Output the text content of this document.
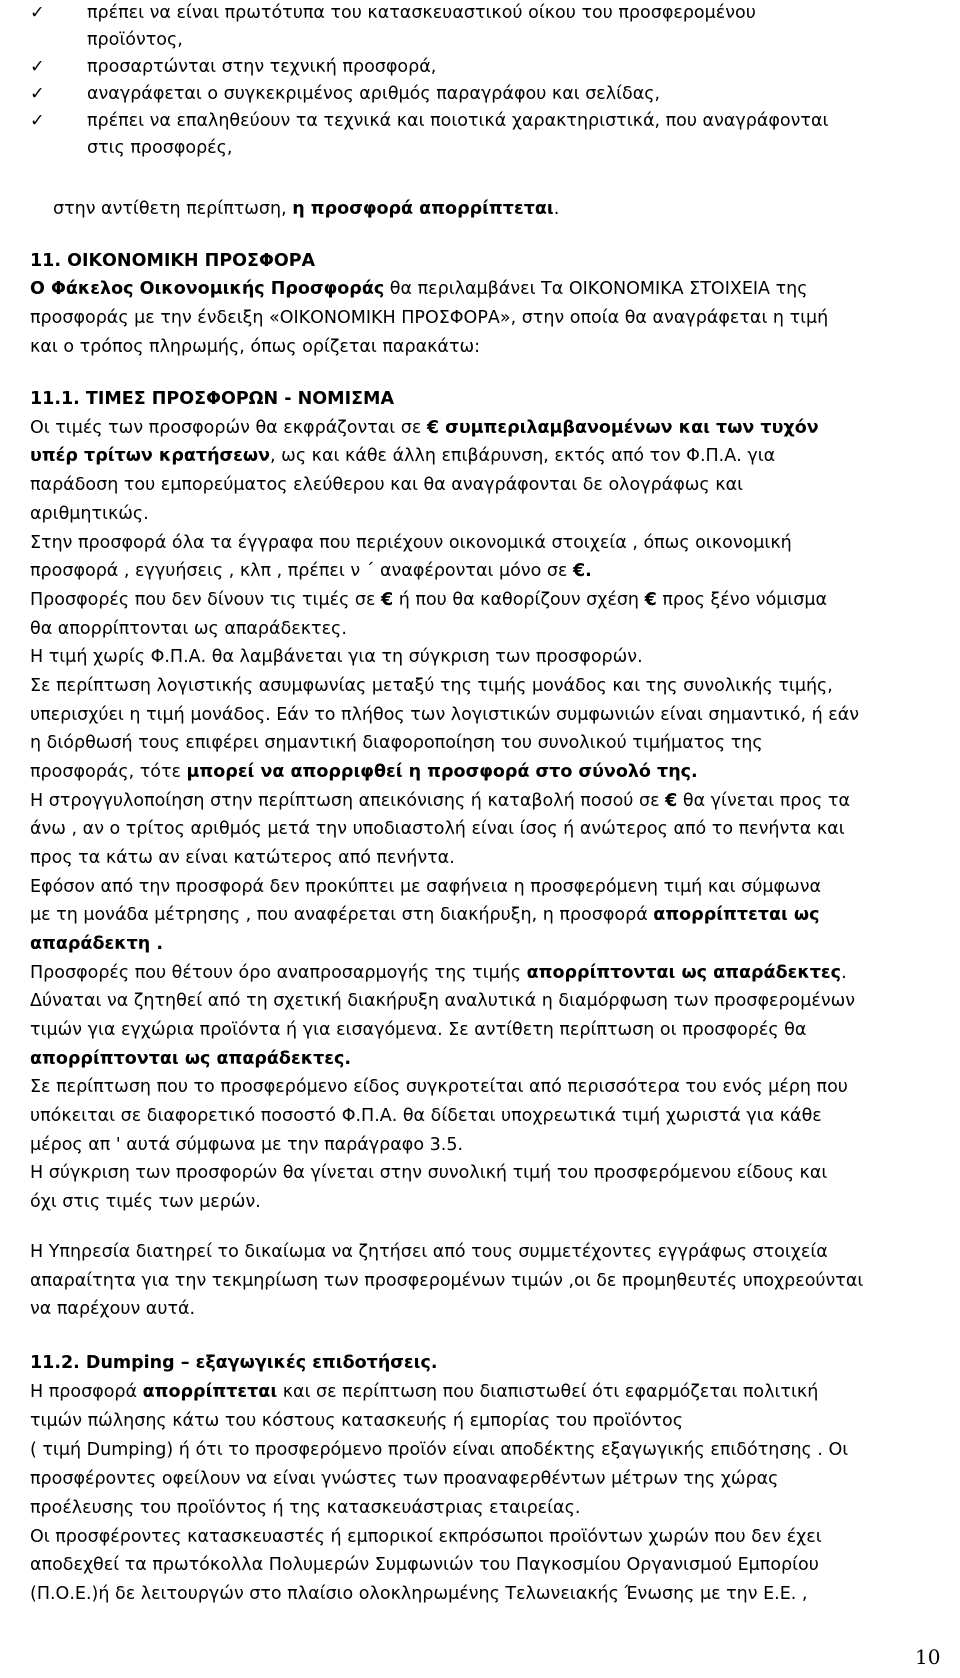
✓ πρέπει να είναι πρωτότυπα του κατασκευαστικού οίκου του προσφερομένου
προϊόντος,
✓ προσαρτώνται στην τεχνική προσφορά,
✓ αναγράφεται ο συγκεκριμένος αριθμός παραγράφου και σελίδας,
✓ πρέπει να επαληθεύουν τα τεχνικά και ποιοτικά χαρακτηριστικά, που αναγράφονται
στις προσφορές,
στην αντίθετη περίπτωση, η προσφορά απορρίπτεται.
11. ΟΙΚΟΝΟΜΙΚΗ ΠΡΟΣΦΟΡΑ
Ο Φάκελος Οικονομικής Προσφοράς θα περιλαμβάνει Τα ΟΙΚΟΝΟΜΙΚΑ ΣΤΟΙΧΕΙΑ της
προσφοράς με την ένδειξη «ΟΙΚΟΝΟΜΙΚΗ ΠΡΟΣΦΟΡΑ», στην οποία θα αναγράφεται η τιμή
και ο τρόπος πληρωμής, όπως ορίζεται παρακάτω:
11.1. ΤΙΜΕΣ ΠΡΟΣΦΟΡΩΝ - ΝΟΜΙΣΜΑ
Οι τιμές των προσφορών θα εκφράζονται σε € συμπεριλαμβανομένων και των τυχόν
υπέρ τρίτων κρατήσεων, ως και κάθε άλλη επιβάρυνση, εκτός από τον Φ.Π.Α. για
παράδοση του εμπορεύματος ελεύθερου και θα αναγράφονται δε ολογράφως και
αριθμητικώς.
Στην προσφορά όλα τα έγγραφα που περιέχουν οικονομικά στοιχεία , όπως οικονομική
προσφορά , εγγυήσεις , κλπ , πρέπει ν ΄ αναφέρονται μόνο σε €.
Προσφορές που δεν δίνουν τις τιμές σε € ή που θα καθορίζουν σχέση € προς ξένο νόμισμα
θα απορρίπτονται ως απαράδεκτες.
Η τιμή χωρίς Φ.Π.Α. θα λαμβάνεται για τη σύγκριση των προσφορών.
Σε περίπτωση λογιστικής ασυμφωνίας μεταξύ της τιμής μονάδος και της συνολικής τιμής,
υπερισχύει η τιμή μονάδος. Εάν το πλήθος των λογιστικών συμφωνιών είναι σημαντικό, ή εάν
η διόρθωσή τους επιφέρει σημαντική διαφοροποίηση του συνολικού τιμήματος της
προσφοράς, τότε μπορεί να απορριφθεί η προσφορά στο σύνολό της.
Η στρογγυλοποίηση στην περίπτωση απεικόνισης ή καταβολή ποσού σε € θα γίνεται προς τα
άνω , αν ο τρίτος αριθμός μετά την υποδιαστολή είναι ίσος ή ανώτερος από το πενήντα και
προς τα κάτω αν είναι κατώτερος από πενήντα.
Εφόσον από την προσφορά δεν προκύπτει με σαφήνεια η προσφερόμενη τιμή και σύμφωνα
με τη μονάδα μέτρησης , που αναφέρεται στη διακήρυξη, η προσφορά απορρίπτεται ως
απαράδεκτη .
Προσφορές που θέτουν όρο αναπροσαρμογής της τιμής απορρίπτονται ως απαράδεκτες.
Δύναται να ζητηθεί από τη σχετική διακήρυξη αναλυτικά η διαμόρφωση των προσφερομένων
τιμών για εγχώρια προϊόντα ή για εισαγόμενα. Σε αντίθετη περίπτωση οι προσφορές θα
απορρίπτονται ως απαράδεκτες.
Σε περίπτωση που το προσφερόμενο είδος συγκροτείται από περισσότερα του ενός μέρη που
υπόκειται σε διαφορετικό ποσοστό Φ.Π.Α. θα δίδεται υποχρεωτικά τιμή χωριστά για κάθε
μέρος απ ' αυτά σύμφωνα με την παράγραφο 3.5.
Η σύγκριση των προσφορών θα γίνεται στην συνολική τιμή του προσφερόμενου είδους και
όχι στις τιμές των μερών.
Η Υπηρεσία διατηρεί το δικαίωμα να ζητήσει από τους συμμετέχοντες εγγράφως στοιχεία
απαραίτητα για την τεκμηρίωση των προσφερομένων τιμών ,οι δε προμηθευτές υποχρεούνται
να παρέχουν αυτά.
11.2. Dumping – εξαγωγικές επιδοτήσεις.
Η προσφορά απορρίπτεται και σε περίπτωση που διαπιστωθεί ότι εφαρμόζεται πολιτική
τιμών πώλησης κάτω του κόστους κατασκευής ή εμπορίας του προϊόντος
( τιμή Dumping) ή ότι το προσφερόμενο προϊόν είναι αποδέκτης εξαγωγικής επιδότησης . Οι
προσφέροντες οφείλουν να είναι γνώστες των προαναφερθέντων μέτρων της χώρας
προέλευσης του προϊόντος ή της κατασκευάστριας εταιρείας.
Οι προσφέροντες κατασκευαστές ή εμπορικοί εκπρόσωποι προϊόντων χωρών που δεν έχει
αποδεχθεί τα πρωτόκολλα Πολυμερών Συμφωνιών του Παγκοσμίου Οργανισμού Εμπορίου
(Π.Ο.Ε.)ή δε λειτουργών στο πλαίσιο ολοκληρωμένης Τελωνειακής Ένωσης με την Ε.Ε. ,
10
